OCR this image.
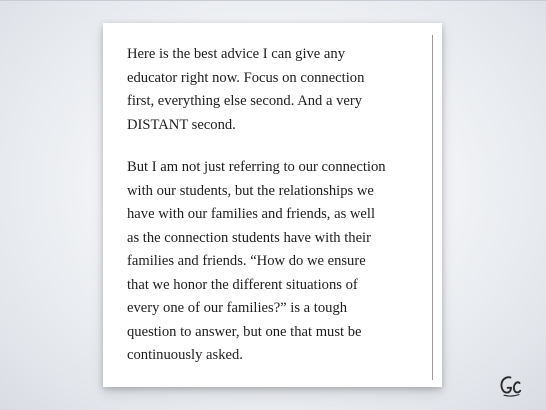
Here is the best advice I can give any
educator right now. Focus on connection
first, everything else second. And a very
DISTANT second.

But I am not just referring to our connection
with our students, but the relationships we
have with our families and friends, as well
as the connection students have with their
families and friends. “How do we ensure
that we honor the different situations of
every one of our families?” is a tough
question to answer, but one that must be
continuously asked.
